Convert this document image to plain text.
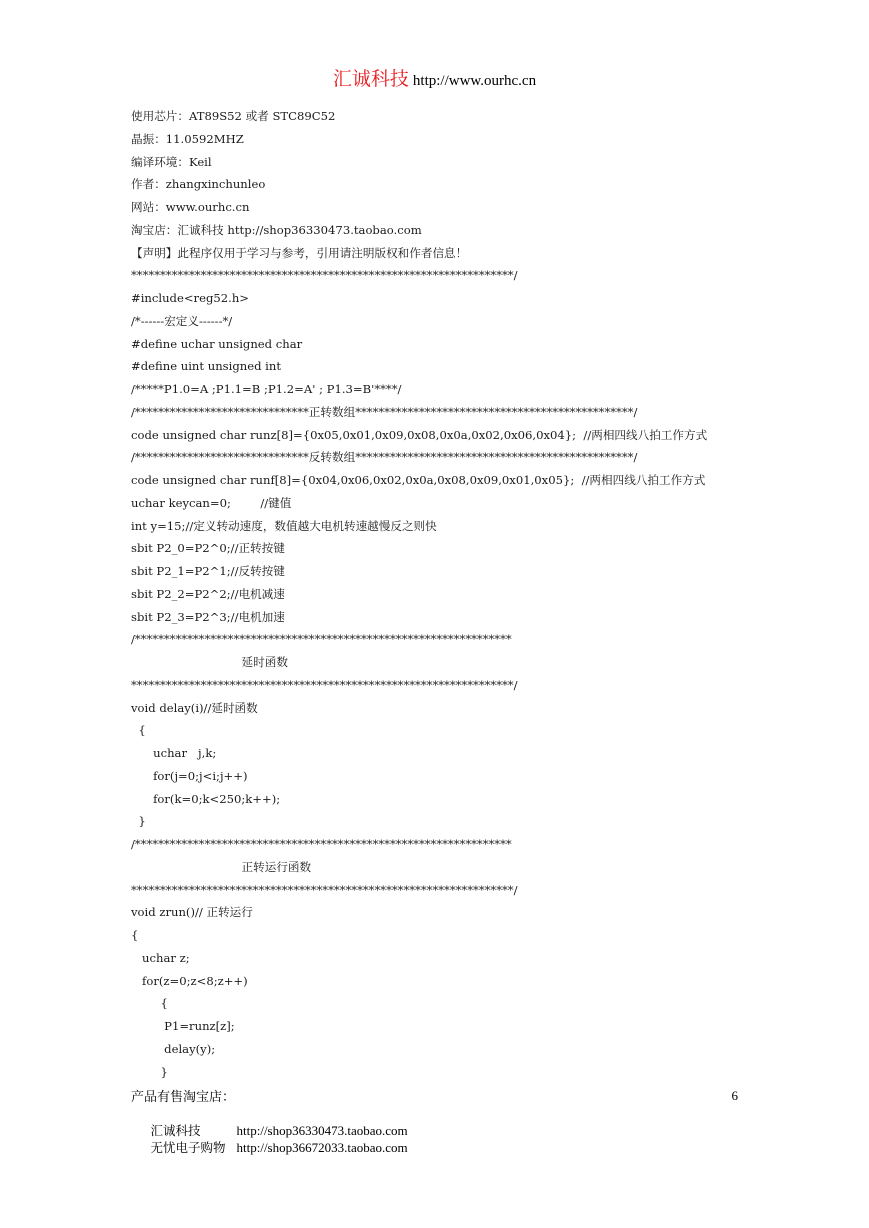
汇诚科技 http://www.ourhc.cn
使用芯片：AT89S52 或者 STC89C52
晶振：11.0592MHZ
编译环境：Keil
作者：zhangxinchunleo
网站：www.ourhc.cn
淘宝店：汇诚科技 http://shop36330473.taobao.com
【声明】此程序仅用于学习与参考，引用请注明版权和作者信息！
******************************************************************/
#include<reg52.h>
/*------宏定义------*/
#define uchar unsigned char
#define uint unsigned int
/*****P1.0=A ;P1.1=B ;P1.2=A' ; P1.3=B'****/
/******************************正转数组************************************************/
code unsigned char runz[8]={0x05,0x01,0x09,0x08,0x0a,0x02,0x06,0x04};  //两相四线八拍工作方式
/******************************反转数组************************************************/
code unsigned char runf[8]={0x04,0x06,0x02,0x0a,0x08,0x09,0x01,0x05};  //两相四线八拍工作方式
uchar keycan=0;        //键值
int y=15;//定义转动速度，数值越大电机转速越慢反之则快
sbit P2_0=P2^0;//正转按键
sbit P2_1=P2^1;//反转按键
sbit P2_2=P2^2;//电机减速
sbit P2_3=P2^3;//电机加速
/*****************************************************************
延时函数
******************************************************************/
void delay(i)//延时函数
{
uchar   j,k;
for(j=0;j<i;j++)
for(k=0;k<250;k++);
}
/*****************************************************************
正转运行函数
******************************************************************/
void zrun()// 正转运行
{
uchar z;
for(z=0;z<8;z++)
{
P1=runz[z];
delay(y);
}
产品有售淘宝店：	6

汇诚科技	http://shop36330473.taobao.com

无忧电子购物 http://shop36672033.taobao.com
